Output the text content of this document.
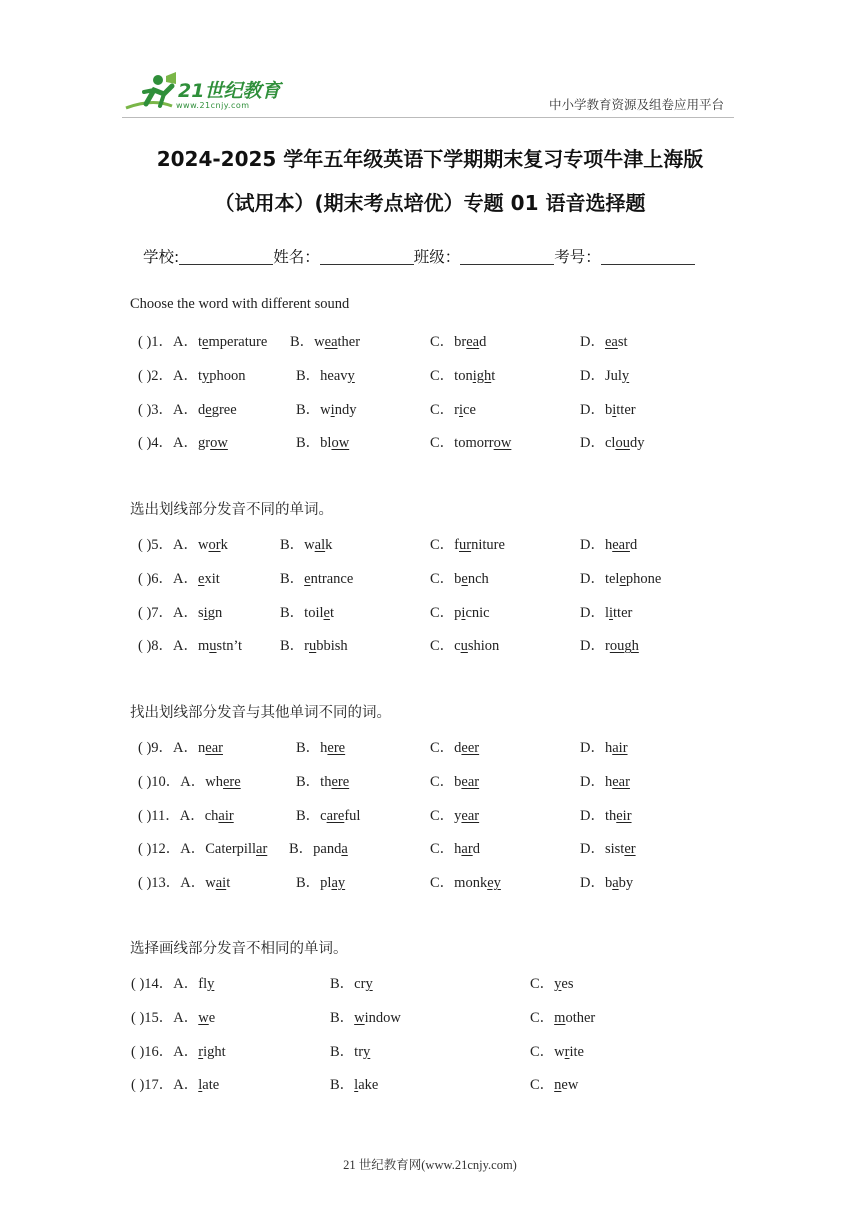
21世纪教育
www.21cnjy.com	中小学教育资源及组卷应用平台
2024-2025 学年五年级英语下学期期末复习专项牛津上海版
（试用本）(期末考点培优）专题 01 语音选择题
学校:	姓名：	班级：	考号：
Choose the word with different sound
( )1．A．temperature B．weather	C．bread	D．east
( )2．A．typhoon	B．heavy	C．tonight	D．July
( )3．A．degree	B．windy	C．rice	D．bitter
( )4．A．grow	B．blow	C．tomorrow	D．cloudy
选出划线部分发音不同的单词。
( )5．A．work	B．walk	C．furniture	D．heard
( )6．A．exit	B．entrance	C．bench	D．telephone
( )7．A．sign	B．toilet	C．picnic	D．litter
( )8．A．mustn’t	B．rubbish	C．cushion	D．rough
找出划线部分发音与其他单词不同的词。
( )9．A．near	B．here	C．deer	D．hair
( )10．A．where	B．there	C．bear	D．hear
( )11．A．chair	B．careful	C．year	D．their
( )12．A．Caterpillar B．panda	C．hard	D．sister
( )13．A．wait	B．play	C．monkey	D．baby
选择画线部分发音不相同的单词。
( )14．A．fly	B．cry	C．yes
( )15．A．we	B．window	C．mother
( )16．A．right	B．try	C．write
( )17．A．late	B．lake	C．new
21 世纪教育网(www.21cnjy.com)
